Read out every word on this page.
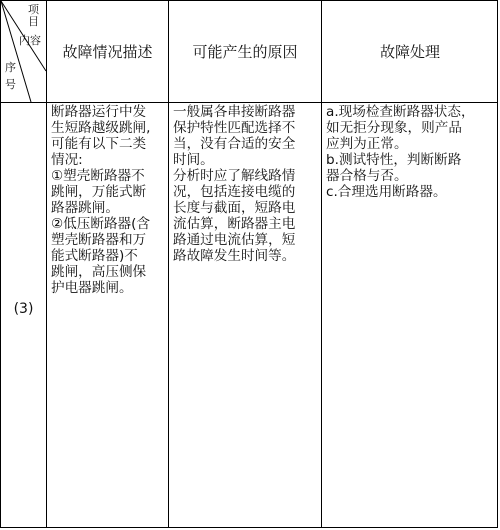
项目
内容
序号
故障情况描述	可能产生的原因	故障处理
(3)
断路器运行中发
生短路越级跳闸,
可能有以下二类
情况:
①塑壳断路器不
跳闸，万能式断
路器跳闸。
②低压断路器(含
塑壳断路器和万
能式断路器)不
跳闸，高压侧保
护电器跳闸。
一般属各串接断路器
保护特性匹配选择不
当，没有合适的安全
时间。
分析时应了解线路情
况，包括连接电缆的
长度与截面，短路电
流估算，断路器主电
路通过电流估算，短
路故障发生时间等。
a.现场检查断路器状态，
如无拒分现象，则产品
应判为正常。
b.测试特性，判断断路
器合格与否。
c.合理选用断路器。
